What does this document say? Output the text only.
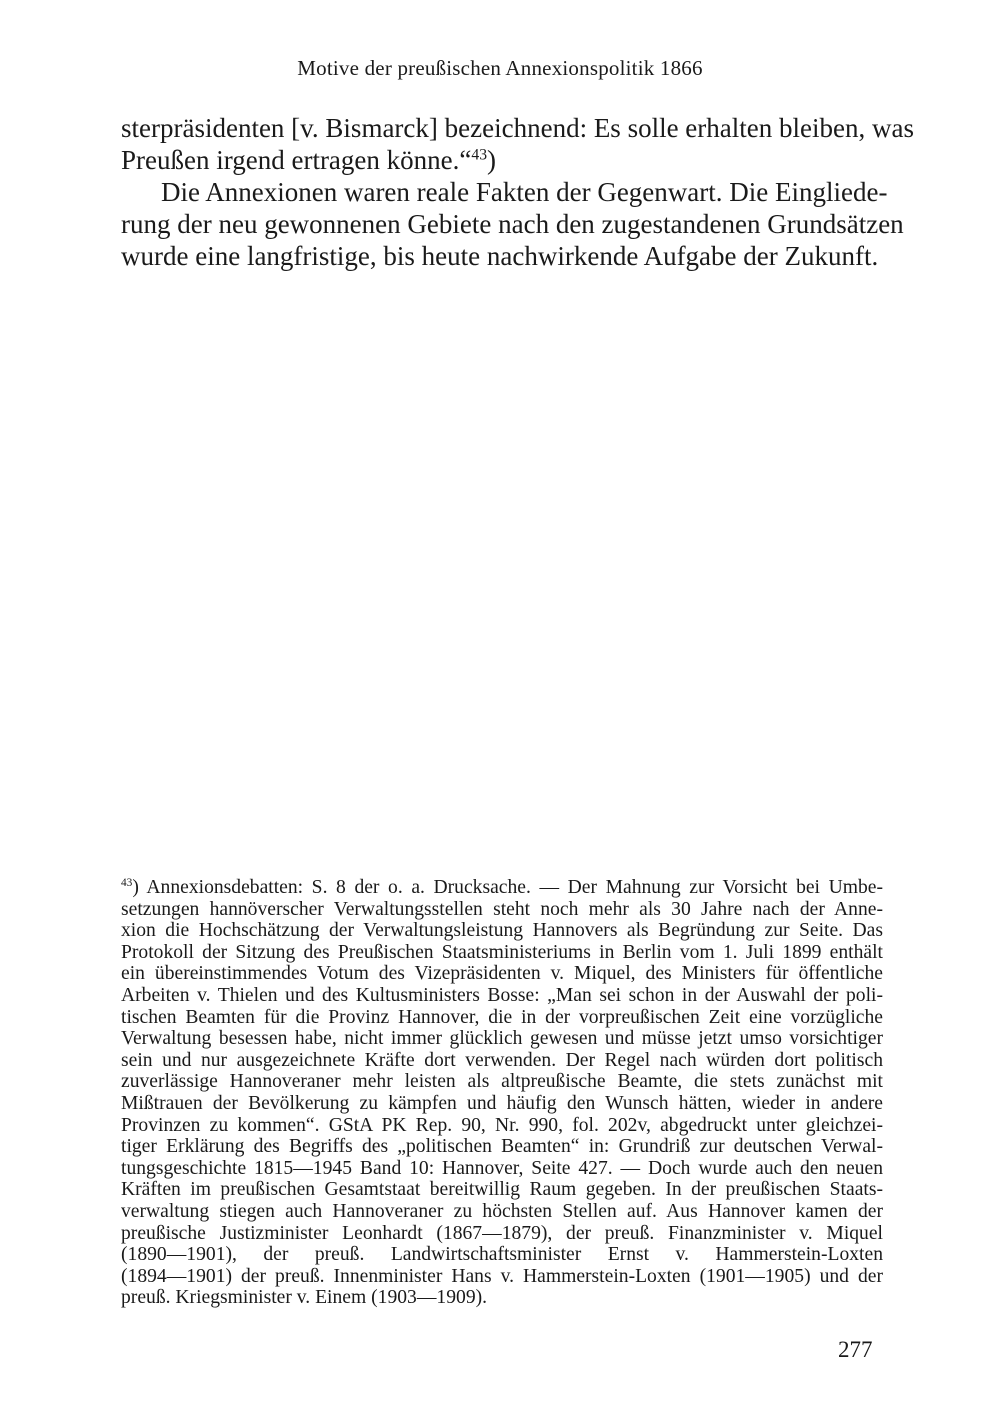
Motive der preußischen Annexionspolitik 1866
sterpräsidenten [v. Bismarck] bezeichnend: Es solle erhalten bleiben, was
Preußen irgend ertragen könne.“$^{43}$)
Die Annexionen waren reale Fakten der Gegenwart. Die Eingliede-
rung der neu gewonnenen Gebiete nach den zugestandenen Grundsätzen
wurde eine langfristige, bis heute nachwirkende Aufgabe der Zukunft.
$^{43}$) Annexionsdebatten: S. 8 der o. a. Drucksache. — Der Mahnung zur Vorsicht bei Umbe-
setzungen hannöverscher Verwaltungsstellen steht noch mehr als 30 Jahre nach der Anne-
xion die Hochschätzung der Verwaltungsleistung Hannovers als Begründung zur Seite. Das
Protokoll der Sitzung des Preußischen Staatsministeriums in Berlin vom 1. Juli 1899 enthält
ein übereinstimmendes Votum des Vizepräsidenten v. Miquel, des Ministers für öffentliche
Arbeiten v. Thielen und des Kultusministers Bosse: „Man sei schon in der Auswahl der poli-
tischen Beamten für die Provinz Hannover, die in der vorpreußischen Zeit eine vorzügliche
Verwaltung besessen habe, nicht immer glücklich gewesen und müsse jetzt umso vorsichtiger
sein und nur ausgezeichnete Kräfte dort verwenden. Der Regel nach würden dort politisch
zuverlässige Hannoveraner mehr leisten als altpreußische Beamte, die stets zunächst mit
Mißtrauen der Bevölkerung zu kämpfen und häufig den Wunsch hätten, wieder in andere
Provinzen zu kommen“. GStA PK Rep. 90, Nr. 990, fol. 202v, abgedruckt unter gleichzei-
tiger Erklärung des Begriffs des „politischen Beamten“ in: Grundriß zur deutschen Verwal-
tungsgeschichte 1815—1945 Band 10: Hannover, Seite 427. — Doch wurde auch den neuen
Kräften im preußischen Gesamtstaat bereitwillig Raum gegeben. In der preußischen Staats-
verwaltung stiegen auch Hannoveraner zu höchsten Stellen auf. Aus Hannover kamen der
preußische Justizminister Leonhardt (1867—1879), der preuß. Finanzminister v. Miquel
(1890—1901), der preuß. Landwirtschaftsminister Ernst v. Hammerstein-Loxten
(1894—1901) der preuß. Innenminister Hans v. Hammerstein-Loxten (1901—1905) und der
preuß. Kriegsminister v. Einem (1903—1909).
277
